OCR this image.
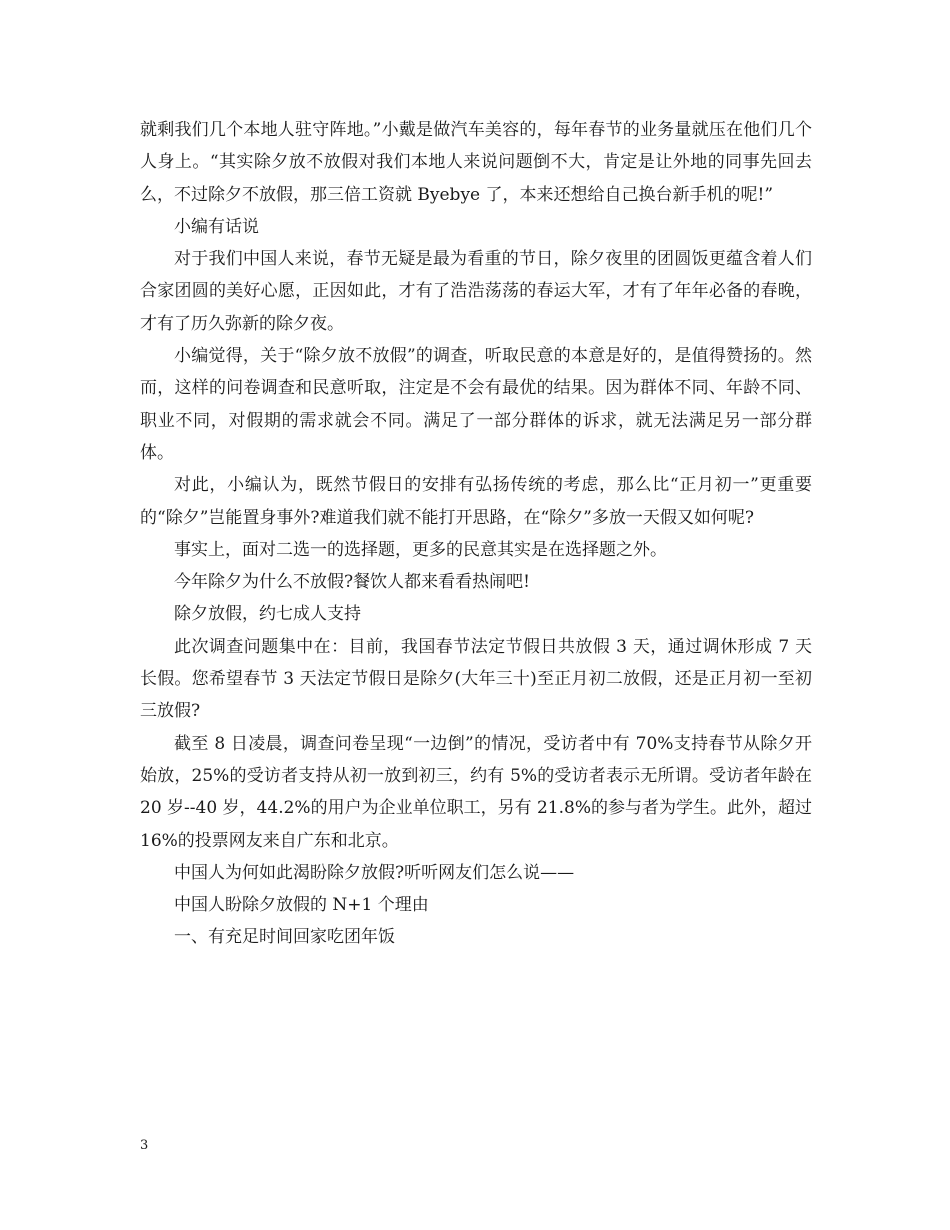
就剩我们几个本地人驻守阵地。”小戴是做汽车美容的，每年春节的业务量就压在他们几个人身上。“其实除夕放不放假对我们本地人来说问题倒不大，肯定是让外地的同事先回去么，不过除夕不放假，那三倍工资就 Byebye 了，本来还想给自己换台新手机的呢!”

小编有话说

对于我们中国人来说，春节无疑是最为看重的节日，除夕夜里的团圆饭更蕴含着人们合家团圆的美好心愿，正因如此，才有了浩浩荡荡的春运大军，才有了年年必备的春晚，才有了历久弥新的除夕夜。

小编觉得，关于“除夕放不放假”的调查，听取民意的本意是好的，是值得赞扬的。然而，这样的问卷调查和民意听取，注定是不会有最优的结果。因为群体不同、年龄不同、职业不同，对假期的需求就会不同。满足了一部分群体的诉求，就无法满足另一部分群体。

对此，小编认为，既然节假日的安排有弘扬传统的考虑，那么比“正月初一”更重要的“除夕”岂能置身事外?难道我们就不能打开思路，在“除夕”多放一天假又如何呢?

事实上，面对二选一的选择题，更多的民意其实是在选择题之外。

今年除夕为什么不放假?餐饮人都来看看热闹吧!

除夕放假，约七成人支持

此次调查问题集中在：目前，我国春节法定节假日共放假 3 天，通过调休形成 7 天长假。您希望春节 3 天法定节假日是除夕(大年三十)至正月初二放假，还是正月初一至初三放假?

截至 8 日凌晨，调查问卷呈现“一边倒”的情况，受访者中有 70%支持春节从除夕开始放，25%的受访者支持从初一放到初三，约有 5%的受访者表示无所谓。受访者年龄在 20 岁--40 岁，44.2%的用户为企业单位职工，另有 21.8%的参与者为学生。此外，超过 16%的投票网友来自广东和北京。

中国人为何如此渴盼除夕放假?听听网友们怎么说——

中国人盼除夕放假的 N+1 个理由

一、有充足时间回家吃团年饭

3
